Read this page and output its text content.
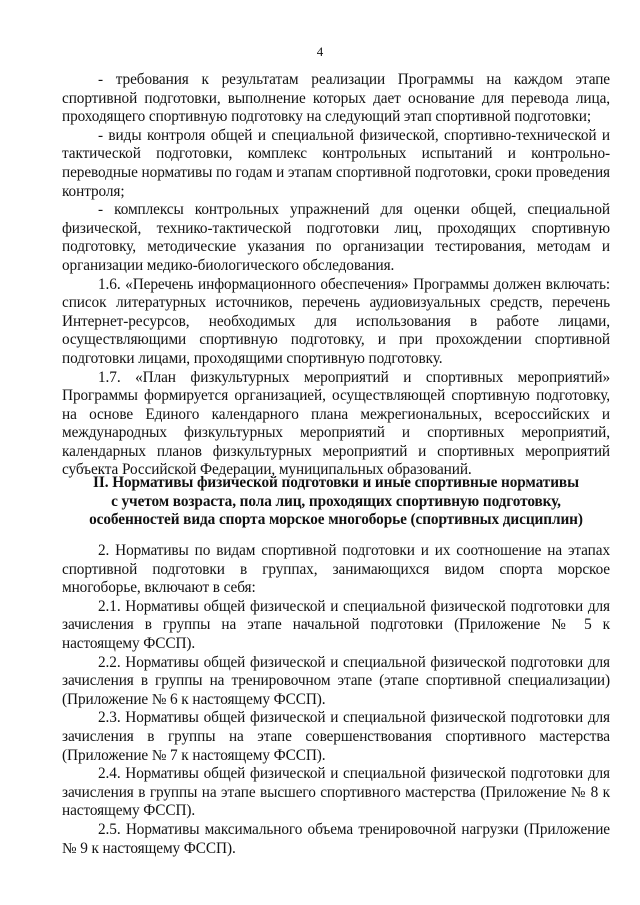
4

- требования к результатам реализации Программы на каждом этапе спортивной подготовки, выполнение которых дает основание для перевода лица, проходящего спортивную подготовку на следующий этап спортивной подготовки;

- виды контроля общей и специальной физической, спортивно-технической и тактической подготовки, комплекс контрольных испытаний и контрольно-переводные нормативы по годам и этапам спортивной подготовки, сроки проведения контроля;

- комплексы контрольных упражнений для оценки общей, специальной физической, технико-тактической подготовки лиц, проходящих спортивную подготовку, методические указания по организации тестирования, методам и организации медико-биологического обследования.

1.6. «Перечень информационного обеспечения» Программы должен включать: список литературных источников, перечень аудиовизуальных средств, перечень Интернет-ресурсов, необходимых для использования в работе лицами, осуществляющими спортивную подготовку, и при прохождении спортивной подготовки лицами, проходящими спортивную подготовку.

1.7. «План физкультурных мероприятий и спортивных мероприятий» Программы формируется организацией, осуществляющей спортивную подготовку, на основе Единого календарного плана межрегиональных, всероссийских и международных физкультурных мероприятий и спортивных мероприятий, календарных планов физкультурных мероприятий и спортивных мероприятий субъекта Российской Федерации, муниципальных образований.

II. Нормативы физической подготовки и иные спортивные нормативы
с учетом возраста, пола лиц, проходящих спортивную подготовку,
особенностей вида спорта морское многоборье (спортивных дисциплин)

2. Нормативы по видам спортивной подготовки и их соотношение на этапах спортивной подготовки в группах, занимающихся видом спорта морское многоборье, включают в себя:

2.1. Нормативы общей физической и специальной физической подготовки для зачисления в группы на этапе начальной подготовки (Приложение № 5 к настоящему ФССП).

2.2. Нормативы общей физической и специальной физической подготовки для зачисления в группы на тренировочном этапе (этапе спортивной специализации) (Приложение № 6 к настоящему ФССП).

2.3. Нормативы общей физической и специальной физической подготовки для зачисления в группы на этапе совершенствования спортивного мастерства (Приложение № 7 к настоящему ФССП).

2.4. Нормативы общей физической и специальной физической подготовки для зачисления в группы на этапе высшего спортивного мастерства (Приложение № 8 к настоящему ФССП).

2.5. Нормативы максимального объема тренировочной нагрузки (Приложение № 9 к настоящему ФССП).
